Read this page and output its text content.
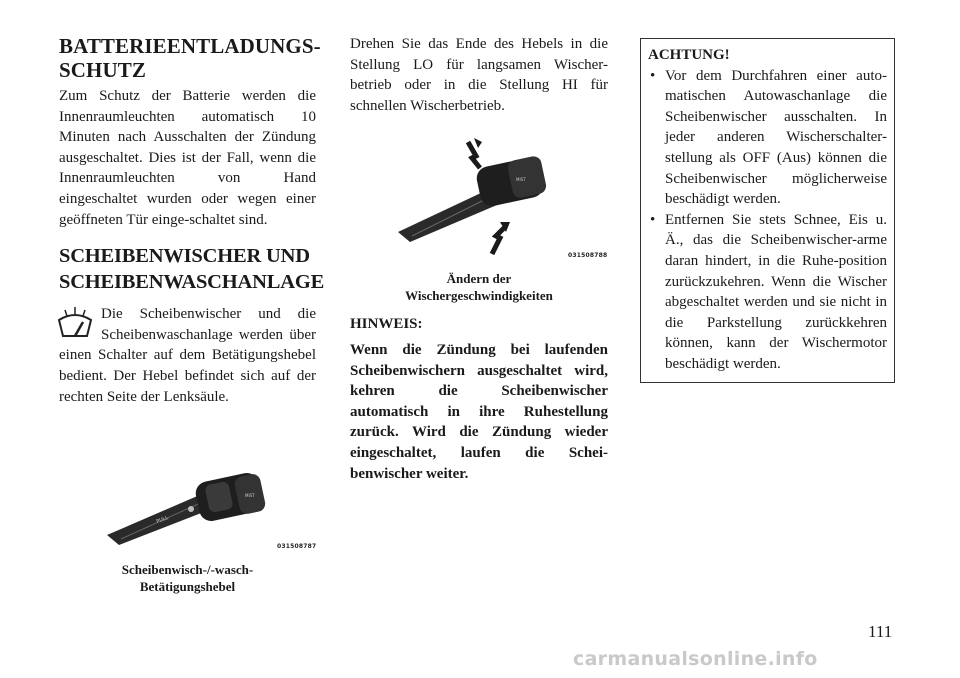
BATTERIEENTLADUNGS-
SCHUTZ

Zum Schutz der Batterie werden die Innenraumleuchten automatisch 10 Minuten nach Ausschalten der Zündung ausgeschaltet. Dies ist der Fall, wenn die Innenraumleuchten von Hand eingeschaltet wurden oder wegen einer geöffneten Tür einge-schaltet sind.

SCHEIBENWISCHER UND SCHEIBENWASCHANLAGE

Die Scheibenwischer und die Scheibenwaschanlage werden über einen Schalter auf dem Betätigungshebel bedient. Der Hebel befindet sich auf der rechten Seite der Lenksäule.

PULL
MIST
031508787

Scheibenwisch-/-wasch-
Betätigungshebel

Drehen Sie das Ende des Hebels in die Stellung LO für langsamen Wischer-betrieb oder in die Stellung HI für schnellen Wischerbetrieb.

MIST
031508788

Ändern der
Wischergeschwindigkeiten

HINWEIS:

Wenn die Zündung bei laufenden Scheibenwischern ausgeschaltet wird, kehren die Scheibenwischer automatisch in ihre Ruhestellung zurück. Wird die Zündung wieder eingeschaltet, laufen die Schei-benwischer weiter.

ACHTUNG!
• Vor dem Durchfahren einer auto-matischen Autowaschanlage die Scheibenwischer ausschalten. In jeder anderen Wischerschalter-stellung als OFF (Aus) können die Scheibenwischer möglicherweise beschädigt werden.
• Entfernen Sie stets Schnee, Eis u. Ä., das die Scheibenwischer-arme daran hindert, in die Ruhe-position zurückzukehren. Wenn die Wischer abgeschaltet werden und sie nicht in die Parkstellung zurückkehren können, kann der Wischermotor beschädigt werden.
111
carmanualsonline.info
